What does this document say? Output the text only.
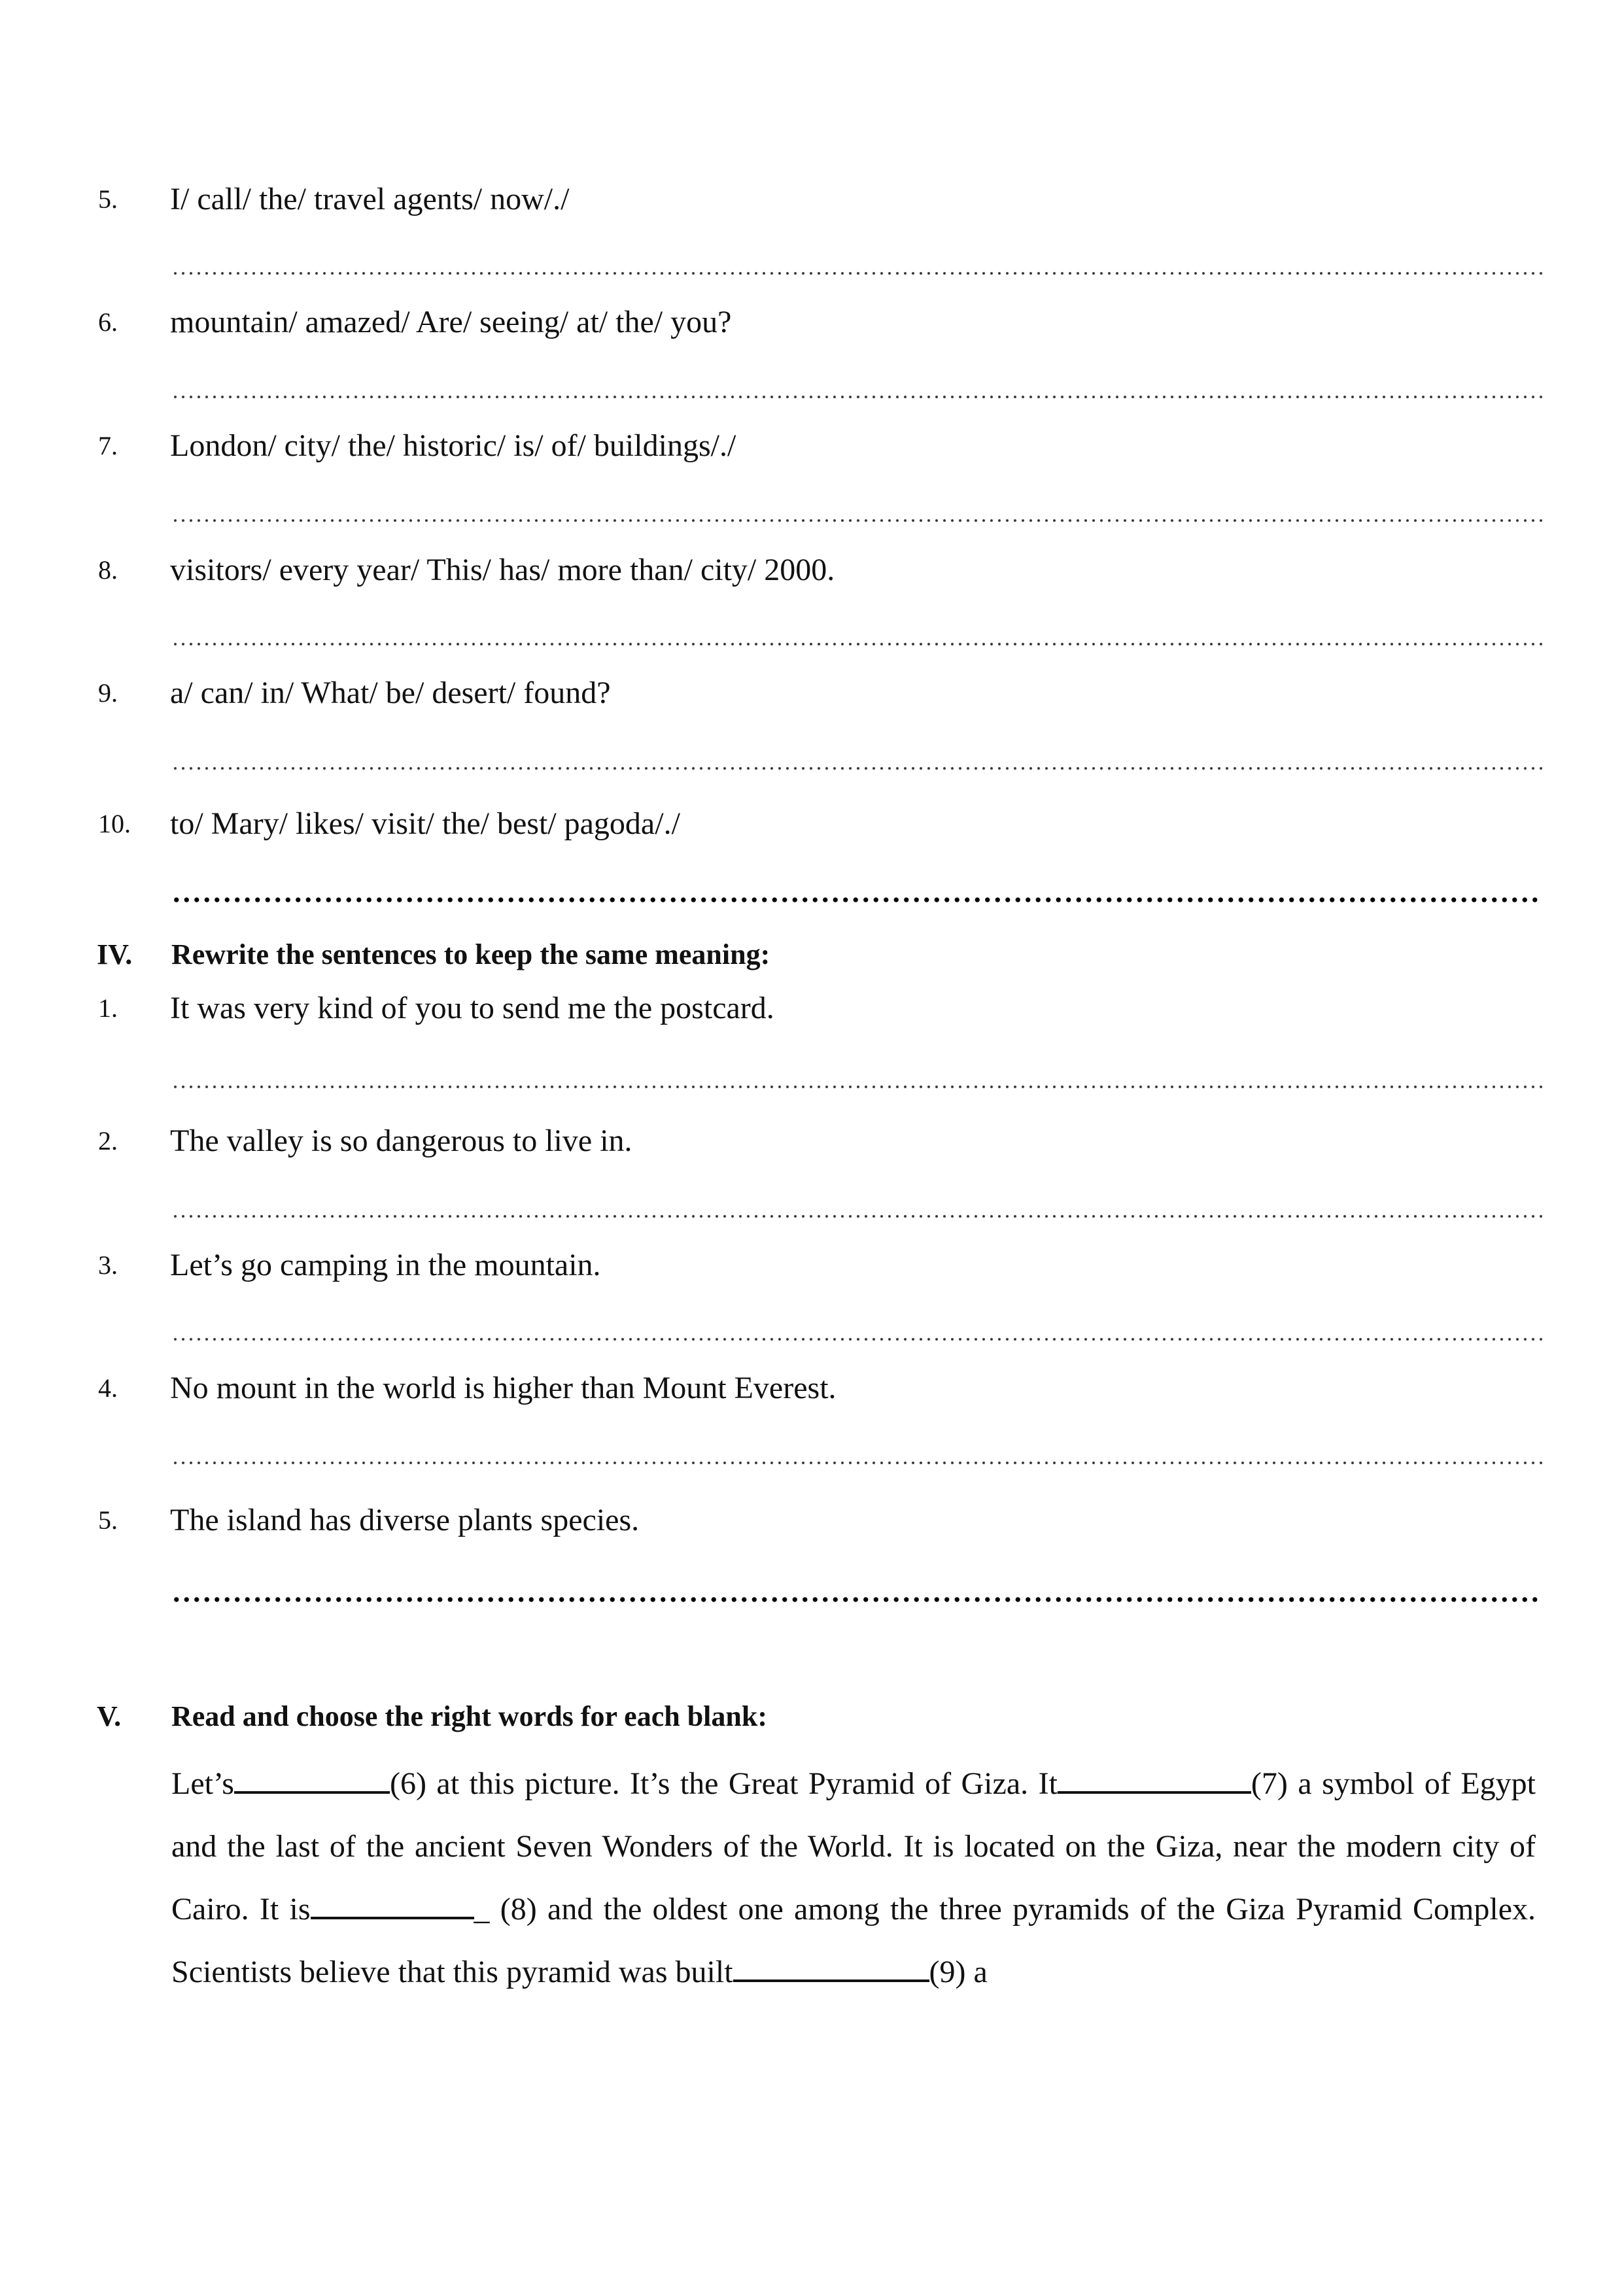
5. I/ call/ the/ travel agents/ now/./
6. mountain/ amazed/ Are/ seeing/ at/ the/ you?
7. London/ city/ the/ historic/ is/ of/ buildings/./
8. visitors/ every year/ This/ has/ more than/ city/ 2000.
9. a/ can/ in/ What/ be/ desert/ found?
10. to/ Mary/ likes/ visit/ the/ best/ pagoda/./
IV. Rewrite the sentences to keep the same meaning:
1. It was very kind of you to send me the postcard.
2. The valley is so dangerous to live in.
3. Let’s go camping in the mountain.
4. No mount in the world is higher than Mount Everest.
5. The island has diverse plants species.
V. Read and choose the right words for each blank:
Let’s	(6) at this picture. It’s the Great Pyramid of Giza. It	(7) a symbol of Egypt and the last of the ancient Seven Wonders of the World. It is located on the Giza, near the modern city of Cairo. It is	_ (8) and the oldest one among the three pyramids of the Giza Pyramid Complex. Scientists believe that this pyramid was built	(9) a
